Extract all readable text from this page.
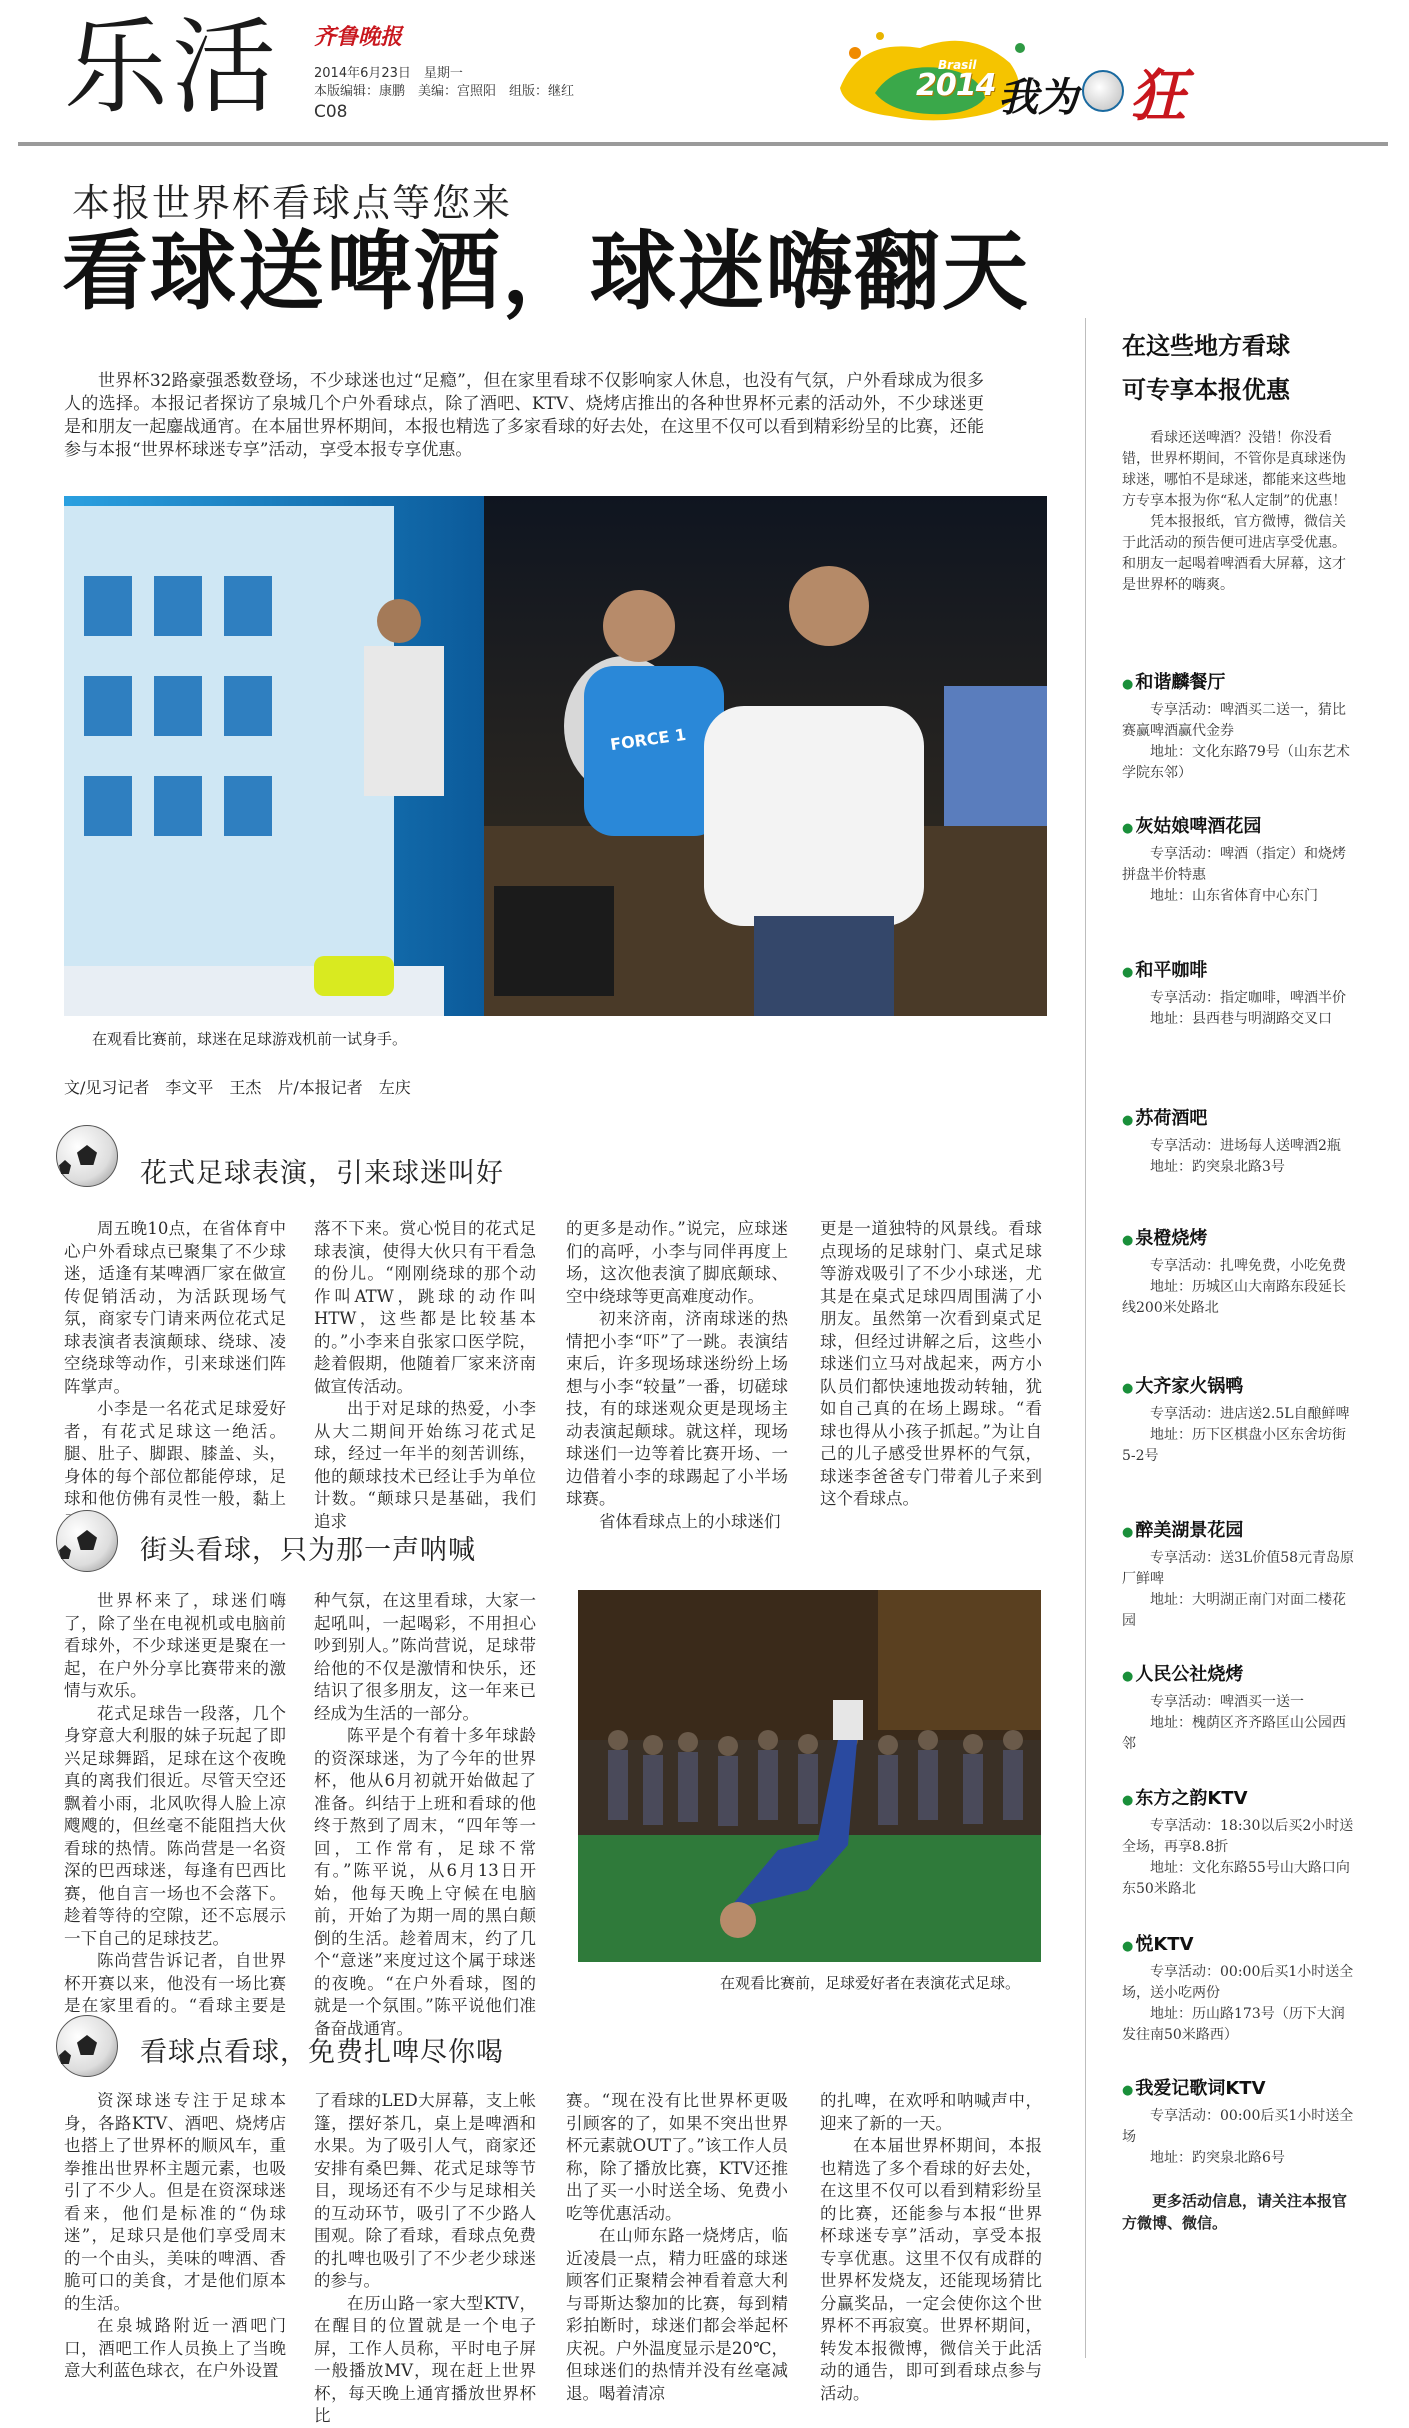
乐活 齐鲁晚报
2014年6月23日　星期一
本版编辑：康鹏　美编：宫照阳　组版：继红
C08
Brasil
2014 我为 狂
本报世界杯看球点等您来
看球送啤酒，球迷嗨翻天

世界杯32路豪强悉数登场，不少球迷也过“足瘾”，但在家里看球不仅影响家人休息，也没有气氛，户外看球成为很多人的选择。本报记者探访了泉城几个户外看球点，除了酒吧、KTV、烧烤店推出的各种世界杯元素的活动外，不少球迷更是和朋友一起鏖战通宵。在本届世界杯期间，本报也精选了多家看球的好去处，在这里不仅可以看到精彩纷呈的比赛，还能参与本报“世界杯球迷专享”活动，享受本报专享优惠。

FORCE 1
在观看比赛前，球迷在足球游戏机前一试身手。
文/见习记者　李文平　王杰　片/本报记者　左庆
花式足球表演，引来球迷叫好

周五晚10点，在省体育中心户外看球点已聚集了不少球迷，适逢有某啤酒厂家在做宣传促销活动，为活跃现场气氛，商家专门请来两位花式足球表演者表演颠球、绕球、凌空绕球等动作，引来球迷们阵阵掌声。

小李是一名花式足球爱好者，有花式足球这一绝活。腿、肚子、脚跟、膝盖、头，身体的每个部位都能停球，足球和他仿佛有灵性一般，黏上

落不下来。赏心悦目的花式足球表演，使得大伙只有干看急的份儿。“刚刚绕球的那个动作叫ATW，跳球的动作叫HTW，这些都是比较基本的。”小李来自张家口医学院，趁着假期，他随着厂家来济南做宣传活动。

出于对足球的热爱，小李从大二期间开始练习花式足球，经过一年半的刻苦训练，他的颠球技术已经让手为单位计数。“颠球只是基础，我们追求

的更多是动作。”说完，应球迷们的高呼，小李与同伴再度上场，这次他表演了脚底颠球、空中绕球等更高难度动作。

初来济南，济南球迷的热情把小李“吓”了一跳。表演结束后，许多现场球迷纷纷上场想与小李“较量”一番，切磋球技，有的球迷观众更是现场主动表演起颠球。就这样，现场球迷们一边等着比赛开场、一边借着小李的球踢起了小半场球赛。

省体看球点上的小球迷们

更是一道独特的风景线。看球点现场的足球射门、桌式足球等游戏吸引了不少小球迷，尤其是在桌式足球四周围满了小朋友。虽然第一次看到桌式足球，但经过讲解之后，这些小球迷们立马对战起来，两方小队员们都快速地拨动转轴，犹如自己真的在场上踢球。“看球也得从小孩子抓起。”为让自己的儿子感受世界杯的气氛，球迷李爸爸专门带着儿子来到这个看球点。

街头看球，只为那一声呐喊

世界杯来了，球迷们嗨了，除了坐在电视机或电脑前看球外，不少球迷更是聚在一起，在户外分享比赛带来的激情与欢乐。

花式足球告一段落，几个身穿意大利服的妹子玩起了即兴足球舞蹈，足球在这个夜晚真的离我们很近。尽管天空还飘着小雨，北风吹得人脸上凉飕飕的，但丝毫不能阻挡大伙看球的热情。陈尚营是一名资深的巴西球迷，每逢有巴西比赛，他自言一场也不会落下。趁着等待的空隙，还不忘展示一下自己的足球技艺。

陈尚营告诉记者，自世界杯开赛以来，他没有一场比赛是在家里看的。“看球主要是

种气氛，在这里看球，大家一起吼叫，一起喝彩，不用担心吵到别人。”陈尚营说，足球带给他的不仅是激情和快乐，还结识了很多朋友，这一年来已经成为生活的一部分。

陈平是个有着十多年球龄的资深球迷，为了今年的世界杯，他从6月初就开始做起了准备。纠结于上班和看球的他终于熬到了周末，“四年等一回，工作常有，足球不常有。”陈平说，从6月13日开始，他每天晚上守候在电脑前，开始了为期一周的黑白颠倒的生活。趁着周末，约了几个“意迷”来度过这个属于球迷的夜晚。“在户外看球，图的就是一个氛围。”陈平说他们准备奋战通宵。

在观看比赛前，足球爱好者在表演花式足球。
看球点看球，免费扎啤尽你喝

资深球迷专注于足球本身，各路KTV、酒吧、烧烤店也搭上了世界杯的顺风车，重拳推出世界杯主题元素，也吸引了不少人。但是在资深球迷看来，他们是标准的“伪球迷”，足球只是他们享受周末的一个由头，美味的啤酒、香脆可口的美食，才是他们原本的生活。

在泉城路附近一酒吧门口，酒吧工作人员换上了当晚意大利蓝色球衣，在户外设置

了看球的LED大屏幕，支上帐篷，摆好茶几，桌上是啤酒和水果。为了吸引人气，商家还安排有桑巴舞、花式足球等节目，现场还有不少与足球相关的互动环节，吸引了不少路人围观。除了看球，看球点免费的扎啤也吸引了不少老少球迷的参与。

在历山路一家大型KTV，在醒目的位置就是一个电子屏，工作人员称，平时电子屏一般播放MV，现在赶上世界杯，每天晚上通宵播放世界杯比

赛。“现在没有比世界杯更吸引顾客的了，如果不突出世界杯元素就OUT了。”该工作人员称，除了播放比赛，KTV还推出了买一小时送全场、免费小吃等优惠活动。

在山师东路一烧烤店，临近凌晨一点，精力旺盛的球迷顾客们正聚精会神看着意大利与哥斯达黎加的比赛，每到精彩拍断时，球迷们都会举起杯庆祝。户外温度显示是20℃，但球迷们的热情并没有丝毫减退。喝着清凉

的扎啤，在欢呼和呐喊声中，迎来了新的一天。

在本届世界杯期间，本报也精选了多个看球的好去处，在这里不仅可以看到精彩纷呈的比赛，还能参与本报“世界杯球迷专享”活动，享受本报专享优惠。这里不仅有成群的世界杯发烧友，还能现场猜比分赢奖品，一定会使你这个世界杯不再寂寞。世界杯期间，转发本报微博，微信关于此活动的通告，即可到看球点参与活动。

在这些地方看球
可专享本报优惠
看球还送啤酒？没错！你没看错，世界杯期间，不管你是真球迷伪球迷，哪怕不是球迷，都能来这些地方专享本报为你“私人定制”的优惠！
凭本报报纸，官方微博，微信关于此活动的预告便可进店享受优惠。和朋友一起喝着啤酒看大屏幕，这才是世界杯的嗨爽。
● 和谐麟餐厅
专享活动：啤酒买二送一，猜比赛赢啤酒赢代金券
地址：文化东路79号（山东艺术学院东邻）
● 灰姑娘啤酒花园
专享活动：啤酒（指定）和烧烤拼盘半价特惠
地址：山东省体育中心东门
● 和平咖啡
专享活动：指定咖啡，啤酒半价
地址：县西巷与明湖路交叉口
● 苏荷酒吧
专享活动：进场每人送啤酒2瓶
地址：趵突泉北路3号
● 泉橙烧烤
专享活动：扎啤免费，小吃免费
地址：历城区山大南路东段延长线200米处路北
● 大齐家火锅鸭
专享活动：进店送2.5L自酿鲜啤
地址：历下区棋盘小区东舍坊街5-2号
● 醉美湖景花园
专享活动：送3L价值58元青岛原厂鲜啤
地址：大明湖正南门对面二楼花园
● 人民公社烧烤
专享活动：啤酒买一送一
地址：槐荫区齐齐路匡山公园西邻
● 东方之韵KTV
专享活动：18:30以后买2小时送全场，再享8.8折
地址：文化东路55号山大路口向东50米路北
● 悦KTV
专享活动：00:00后买1小时送全场，送小吃两份
地址：历山路173号（历下大润发往南50米路西）
● 我爱记歌词KTV
专享活动：00:00后买1小时送全场
地址：趵突泉北路6号
更多活动信息，请关注本报官方微博、微信。
